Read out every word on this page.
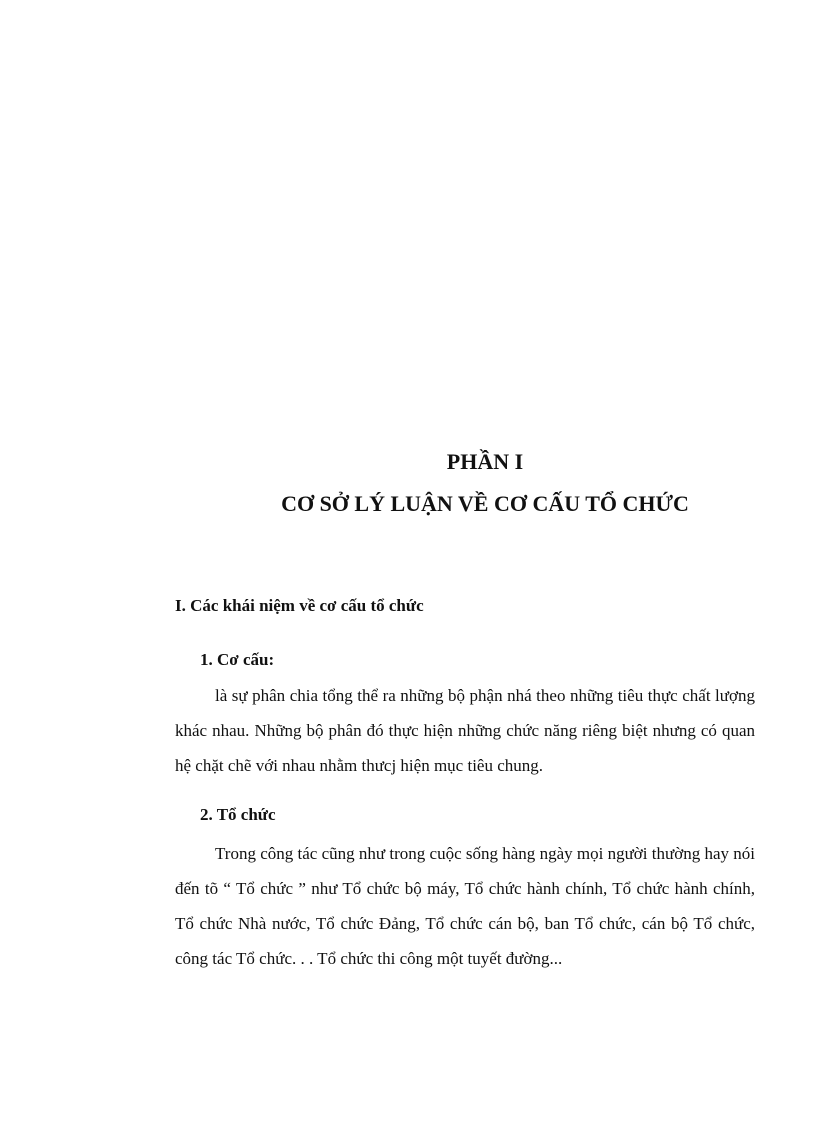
PHẦN I
CƠ SỞ LÝ LUẬN VỀ CƠ CẤU TỔ CHỨC
I. Các khái niệm về cơ cấu tổ chức
1. Cơ cấu:

là sự phân chia tổng thể ra những bộ phận nhá theo những tiêu thực chất lượng khác nhau. Những bộ phân đó thực hiện những chức năng riêng biệt nhưng có quan hệ chặt chẽ với nhau nhằm thưcj hiện mục tiêu chung.

2. Tổ chức

Trong công tác cũng như trong cuộc sống hàng ngày mọi người thường hay nói đến tõ “ Tổ chức ” như Tổ chức bộ máy, Tổ chức hành chính, Tổ chức hành chính, Tổ chức Nhà nước, Tổ chức Đảng, Tổ chức cán bộ, ban Tổ chức, cán bộ Tổ chức, công tác Tổ chức. . . Tổ chức thi công một tuyết đường...
